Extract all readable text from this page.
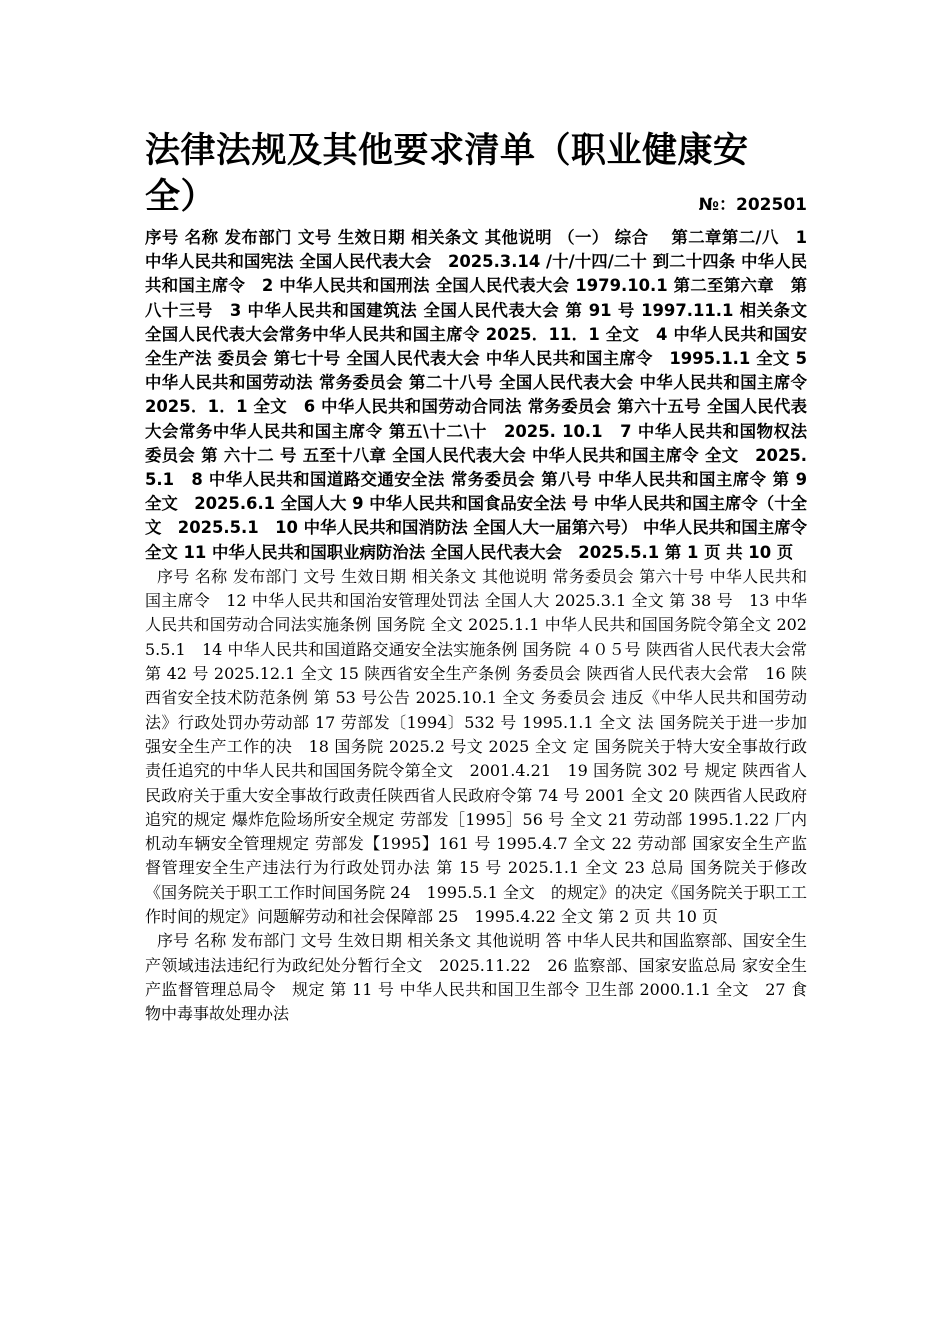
法律法规及其他要求清单（职业健康安
全）	№：202501

序号 名称 发布部门 文号 生效日期 相关条文 其他说明 （一） 综合 　第二章第二/八　1 中华人民共和国宪法 全国人民代表大会　2025.3.14 /十/十四/二十 到二十四条 中华人民共和国主席令　2 中华人民共和国刑法 全国人民代表大会 1979.10.1 第二至第六章　第八十三号　3 中华人民共和国建筑法 全国人民代表大会 第 91 号 1997.11.1 相关条文　全国人民代表大会常务中华人民共和国主席令 2025．11．1 全文　4 中华人民共和国安全生产法 委员会 第七十号 全国人民代表大会 中华人民共和国主席令　1995.1.1 全文 5 中华人民共和国劳动法 常务委员会 第二十八号 全国人民代表大会 中华人民共和国主席令 2025．1．1 全文　6 中华人民共和国劳动合同法 常务委员会 第六十五号 全国人民代表大会常务中华人民共和国主席令 第五\十二\十　2025. 10.1　7 中华人民共和国物权法 委员会 第 六十二 号 五至十八章 全国人民代表大会 中华人民共和国主席令 全文　2025.5.1　8 中华人民共和国道路交通安全法 常务委员会 第八号 中华人民共和国主席令 第 9 全文　2025.6.1 全国人大 9 中华人民共和国食品安全法 号 中华人民共和国主席令（十全文　2025.5.1　10 中华人民共和国消防法 全国人大一届第六号） 中华人民共和国主席令 全文 11 中华人民共和国职业病防治法 全国人民代表大会　2025.5.1 第 1 页 共 10 页

序号 名称 发布部门 文号 生效日期 相关条文 其他说明 常务委员会 第六十号 中华人民共和国主席令　12 中华人民共和国治安管理处罚法 全国人大 2025.3.1 全文 第 38 号　13 中华人民共和国劳动合同法实施条例 国务院 全文 2025.1.1 中华人民共和国国务院令第全文 2025.5.1　14 中华人民共和国道路交通安全法实施条例 国务院 ４０５号 陕西省人民代表大会常第 42 号 2025.12.1 全文 15 陕西省安全生产条例 务委员会 陕西省人民代表大会常　16 陕西省安全技术防范条例 第 53 号公告 2025.10.1 全文 务委员会 违反《中华人民共和国劳动法》行政处罚办劳动部 17 劳部发〔1994〕532 号 1995.1.1 全文 法 国务院关于进一步加强安全生产工作的决　18 国务院 2025.2 号文 2025 全文 定 国务院关于特大安全事故行政责任追究的中华人民共和国国务院令第全文　2001.4.21　19 国务院 302 号 规定 陕西省人民政府关于重大安全事故行政责任陕西省人民政府令第 74 号 2001 全文 20 陕西省人民政府 追究的规定 爆炸危险场所安全规定 劳部发［1995］56 号 全文 21 劳动部 1995.1.22 厂内机动车辆安全管理规定 劳部发【1995】161 号 1995.4.7 全文 22 劳动部 国家安全生产监督管理安全生产违法行为行政处罚办法 第 15 号 2025.1.1 全文 23 总局 国务院关于修改《国务院关于职工工作时间国务院 24　1995.5.1 全文　的规定》的决定《国务院关于职工工作时间的规定》问题解劳动和社会保障部 25　1995.4.22 全文 第 2 页 共 10 页

序号 名称 发布部门 文号 生效日期 相关条文 其他说明 答 中华人民共和国监察部、国安全生产领域违法违纪行为政纪处分暂行全文　2025.11.22　26 监察部、国家安监总局 家安全生产监督管理总局令　规定 第 11 号 中华人民共和国卫生部令 卫生部 2000.1.1 全文　27 食物中毒事故处理办法
